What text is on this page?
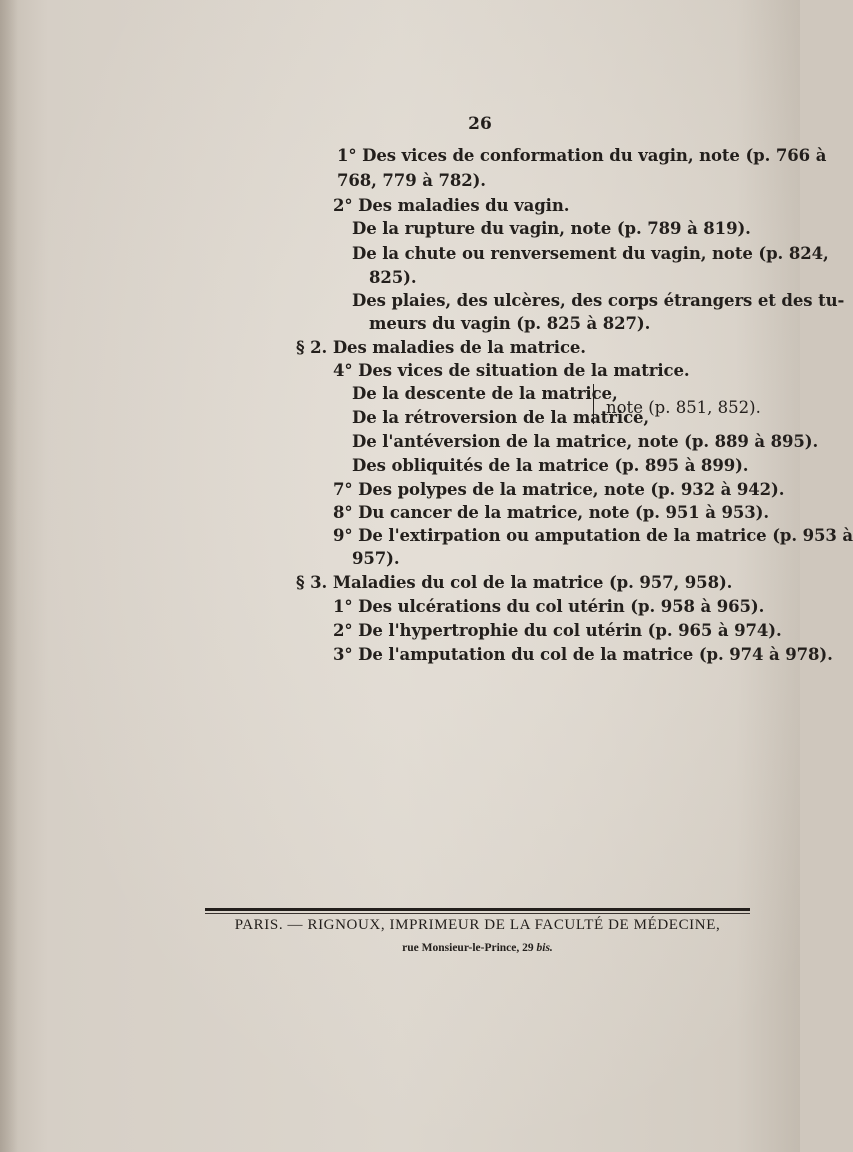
26
1° Des vices de conformation du vagin, note (p. 766 à
768, 779 à 782).
2° Des maladies du vagin.
De la rupture du vagin, note (p. 789 à 819).
De la chute ou renversement du vagin, note (p. 824,
825).
Des plaies, des ulcères, des corps étrangers et des tu-
meurs du vagin (p. 825 à 827).
§ 2. Des maladies de la matrice.
4° Des vices de situation de la matrice.
De la descente de la matrice,
De la rétroversion de la matrice,
note (p. 851, 852).
De l'antéversion de la matrice, note (p. 889 à 895).
Des obliquités de la matrice (p. 895 à 899).
7° Des polypes de la matrice, note (p. 932 à 942).
8° Du cancer de la matrice, note (p. 951 à 953).
9° De l'extirpation ou amputation de la matrice (p. 953 à
957).
§ 3. Maladies du col de la matrice (p. 957, 958).
1° Des ulcérations du col utérin (p. 958 à 965).
2° De l'hypertrophie du col utérin (p. 965 à 974).
3° De l'amputation du col de la matrice (p. 974 à 978).
PARIS. — RIGNOUX, IMPRIMEUR DE LA FACULTÉ DE MÉDECINE,
rue Monsieur-le-Prince, 29 bis.
